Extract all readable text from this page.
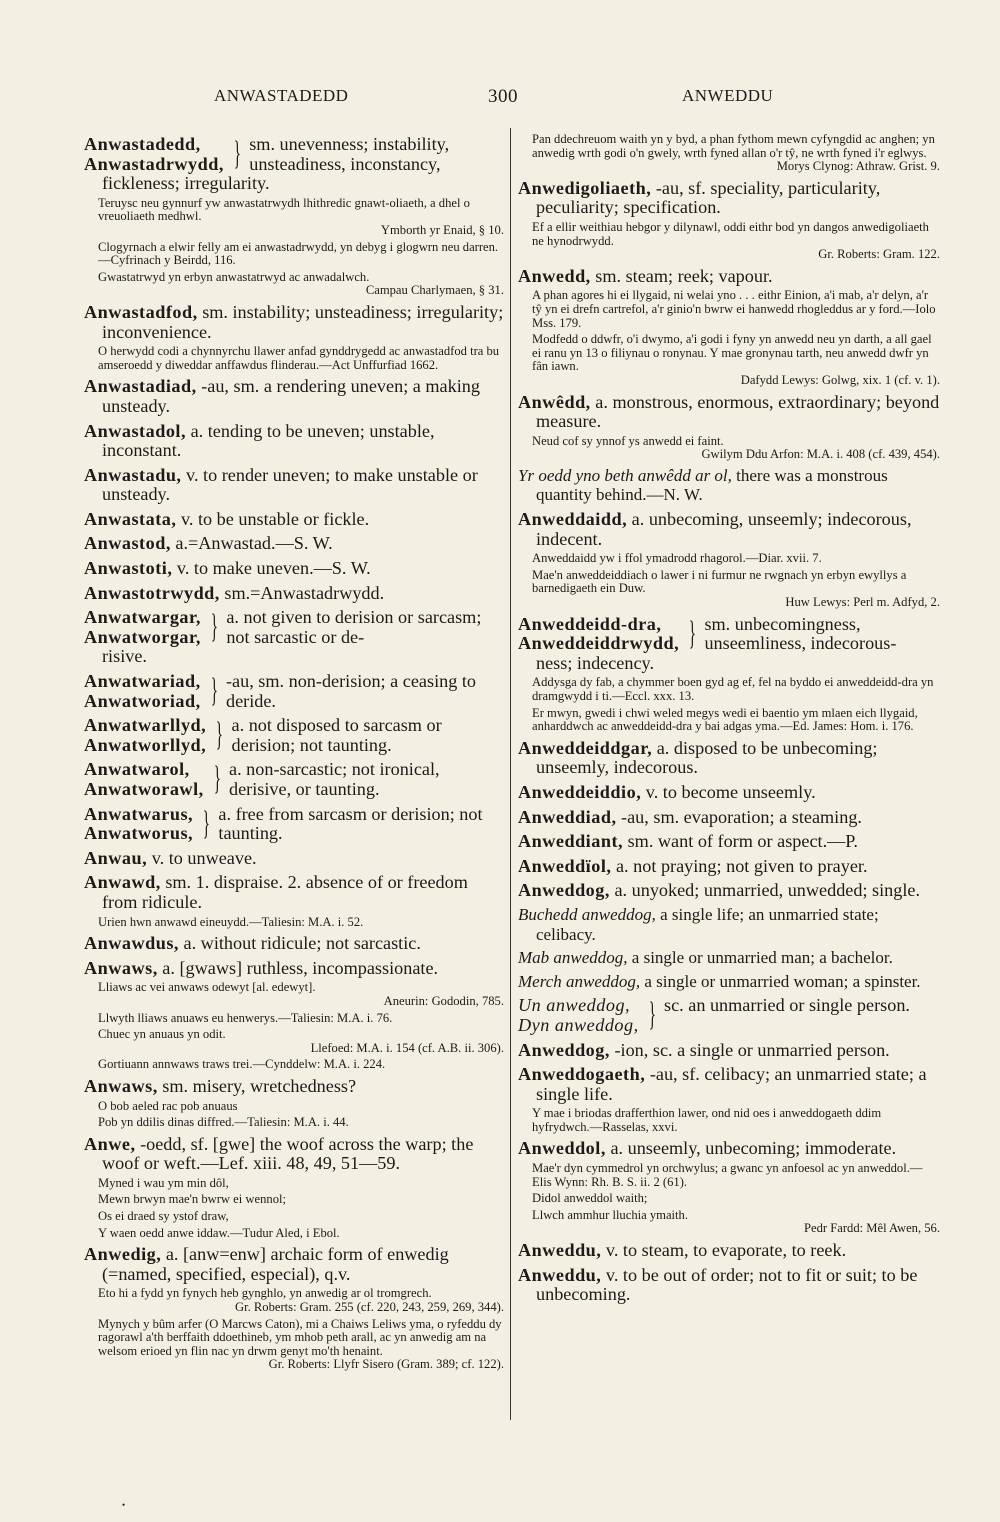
ANWASTADEDD	300	ANWEDDU
Anwastadedd,
Anwastadrwydd, } sm. unevenness; instability, unsteadiness, inconstancy,
fickleness; irregularity.
Teruysc neu gynnurf yw anwastatrwydh lhithredic gnawt-oliaeth, a dhel o vreuoliaeth medhwl.
Ymborth yr Enaid, § 10.
Clogyrnach a elwir felly am ei anwastadrwydd, yn debyg i glogwrn neu darren.—Cyfrinach y Beirdd, 116.
Gwastatrwyd yn erbyn anwastatrwyd ac anwadalwch.
Campau Charlymaen, § 31.
Anwastadfod, sm. instability; unsteadiness; irregularity; inconvenience.
O herwydd codi a chynnyrchu llawer anfad gynddrygedd ac anwastadfod tra bu amseroedd y diweddar anffawdus flinderau.—Act Unffurfiad 1662.
Anwastadiad, -au, sm. a rendering uneven; a making unsteady.
Anwastadol, a. tending to be uneven; unstable, inconstant.
Anwastadu, v. to render uneven; to make unstable or unsteady.
Anwastata, v. to be unstable or fickle.
Anwastod, a.=Anwastad.—S. W.
Anwastoti, v. to make uneven.—S. W.
Anwastotrwydd, sm.=Anwastadrwydd.
Anwatwargar,
Anwatworgar, } a. not given to derision or sarcasm; not sarcastic or de-
risive.
Anwatwariad,
Anwatworiad, } -au, sm. non-derision; a ceasing to deride.
Anwatwarllyd,
Anwatworllyd, } a. not disposed to sarcasm or derision; not taunting.
Anwatwarol,
Anwatworawl, } a. non-sarcastic; not ironical, derisive, or taunting.
Anwatwarus,
Anwatworus, } a. free from sarcasm or derision; not taunting.
Anwau, v. to unweave.
Anwawd, sm. 1. dispraise. 2. absence of or freedom from ridicule.
Urien hwn anwawd eineuydd.—Taliesin: M.A. i. 52.
Anwawdus, a. without ridicule; not sarcastic.
Anwaws, a. [gwaws] ruthless, incompassionate.
Lliaws ac vei anwaws odewyt [al. edewyt].
Aneurin: Gododin, 785.
Llwyth lliaws anuaws eu henwerys.—Taliesin: M.A. i. 76.
Chuec yn anuaus yn odit.
Llefoed: M.A. i. 154 (cf. A.B. ii. 306).
Gortiuann annwaws traws trei.—Cynddelw: M.A. i. 224.
Anwaws, sm. misery, wretchedness?
O bob aeled rac pob anuaus
Pob yn ddilis dinas diffred.—Taliesin: M.A. i. 44.
Anwe, -oedd, sf. [gwe] the woof across the warp; the woof or weft.—Lef. xiii. 48, 49, 51—59.
Myned i wau ym min dôl,
Mewn brwyn mae'n bwrw ei wennol;
Os ei draed sy ystof draw,
Y waen oedd anwe iddaw.—Tudur Aled, i Ebol.
Anwedig, a. [anw=enw] archaic form of enwedig (=named, specified, especial), q.v.
Eto hi a fydd yn fynych heb gynghlo, yn anwedig ar ol tromgrech.
Gr. Roberts: Gram. 255 (cf. 220, 243, 259, 269, 344).
Mynych y bûm arfer (O Marcws Caton), mi a Chaiws Leliws yma, o ryfeddu dy ragorawl a'th berffaith ddoethineb, ym mhob peth arall, ac yn anwedig am na welsom erioed yn flin nac yn drwm genyt mo'th henaint.
Gr. Roberts: Llyfr Sisero (Gram. 389; cf. 122).
Pan ddechreuom waith yn y byd, a phan fythom mewn cyfyngdid ac anghen; yn anwedig wrth godi o'n gwely, wrth fyned allan o'r tŷ, ne wrth fyned i'r eglwys.
Morys Clynog: Athraw. Grist. 9.
Anwedigoliaeth, -au, sf. speciality, particularity, peculiarity; specification.
Ef a ellir weithiau hebgor y dilynawl, oddi eithr bod yn dangos anwedigoliaeth ne hynodrwydd.
Gr. Roberts: Gram. 122.
Anwedd, sm. steam; reek; vapour.
A phan agores hi ei llygaid, ni welai yno . . . eithr Einion, a'i mab, a'r delyn, a'r tŷ yn ei drefn cartrefol, a'r ginio'n bwrw ei hanwedd rhogleddus ar y ford.—Iolo Mss. 179.
Modfedd o ddwfr, o'i dwymo, a'i godi i fyny yn anwedd neu yn darth, a all gael ei ranu yn 13 o filiynau o ronynau. Y mae gronynau tarth, neu anwedd dwfr yn fân iawn.
Dafydd Lewys: Golwg, xix. 1 (cf. v. 1).
Anwêdd, a. monstrous, enormous, extraordinary; beyond measure.
Neud cof sy ynnof ys anwedd ei faint.
Gwilym Ddu Arfon: M.A. i. 408 (cf. 439, 454).
Yr oedd yno beth anwêdd ar ol, there was a monstrous quantity behind.—N. W.
Anweddaidd, a. unbecoming, unseemly; indecorous, indecent.
Anweddaidd yw i ffol ymadrodd rhagorol.—Diar. xvii. 7.
Mae'n anweddeiddiach o lawer i ni furmur ne rwgnach yn erbyn ewyllys a barnedigaeth ein Duw.
Huw Lewys: Perl m. Adfyd, 2.
Anweddeidd-dra,
Anweddeiddrwydd, } sm. unbecomingness, unseemliness, indecorous-
ness; indecency.
Addysga dy fab, a chymmer boen gyd ag ef, fel na byddo ei anweddeidd-dra yn dramgwydd i ti.—Eccl. xxx. 13.
Er mwyn, gwedi i chwi weled megys wedi ei baentio ym mlaen eich llygaid, anharddwch ac anweddeidd-dra y bai adgas yma.—Ed. James: Hom. i. 176.
Anweddeiddgar, a. disposed to be unbecoming; unseemly, indecorous.
Anweddeiddio, v. to become unseemly.
Anweddiad, -au, sm. evaporation; a steaming.
Anweddiant, sm. want of form or aspect.—P.
Anweddïol, a. not praying; not given to prayer.
Anweddog, a. unyoked; unmarried, unwedded; single.
Buchedd anweddog, a single life; an unmarried state; celibacy.
Mab anweddog, a single or unmarried man; a bachelor.
Merch anweddog, a single or unmarried woman; a spinster.
Un anweddog,
Dyn anweddog, } sc. an unmarried or single person.
Anweddog, -ion, sc. a single or unmarried person.
Anweddogaeth, -au, sf. celibacy; an unmarried state; a single life.
Y mae i briodas drafferthion lawer, ond nid oes i anweddogaeth ddim hyfrydwch.—Rasselas, xxvi.
Anweddol, a. unseemly, unbecoming; immoderate.
Mae'r dyn cymmedrol yn orchwylus; a gwanc yn anfoesol ac yn anweddol.—Elis Wynn: Rh. B. S. ii. 2 (61).
Didol anweddol waith;
Llwch ammhur lluchia ymaith.
Pedr Fardd: Mêl Awen, 56.
Anweddu, v. to steam, to evaporate, to reek.
Anweddu, v. to be out of order; not to fit or suit; to be unbecoming.
•
